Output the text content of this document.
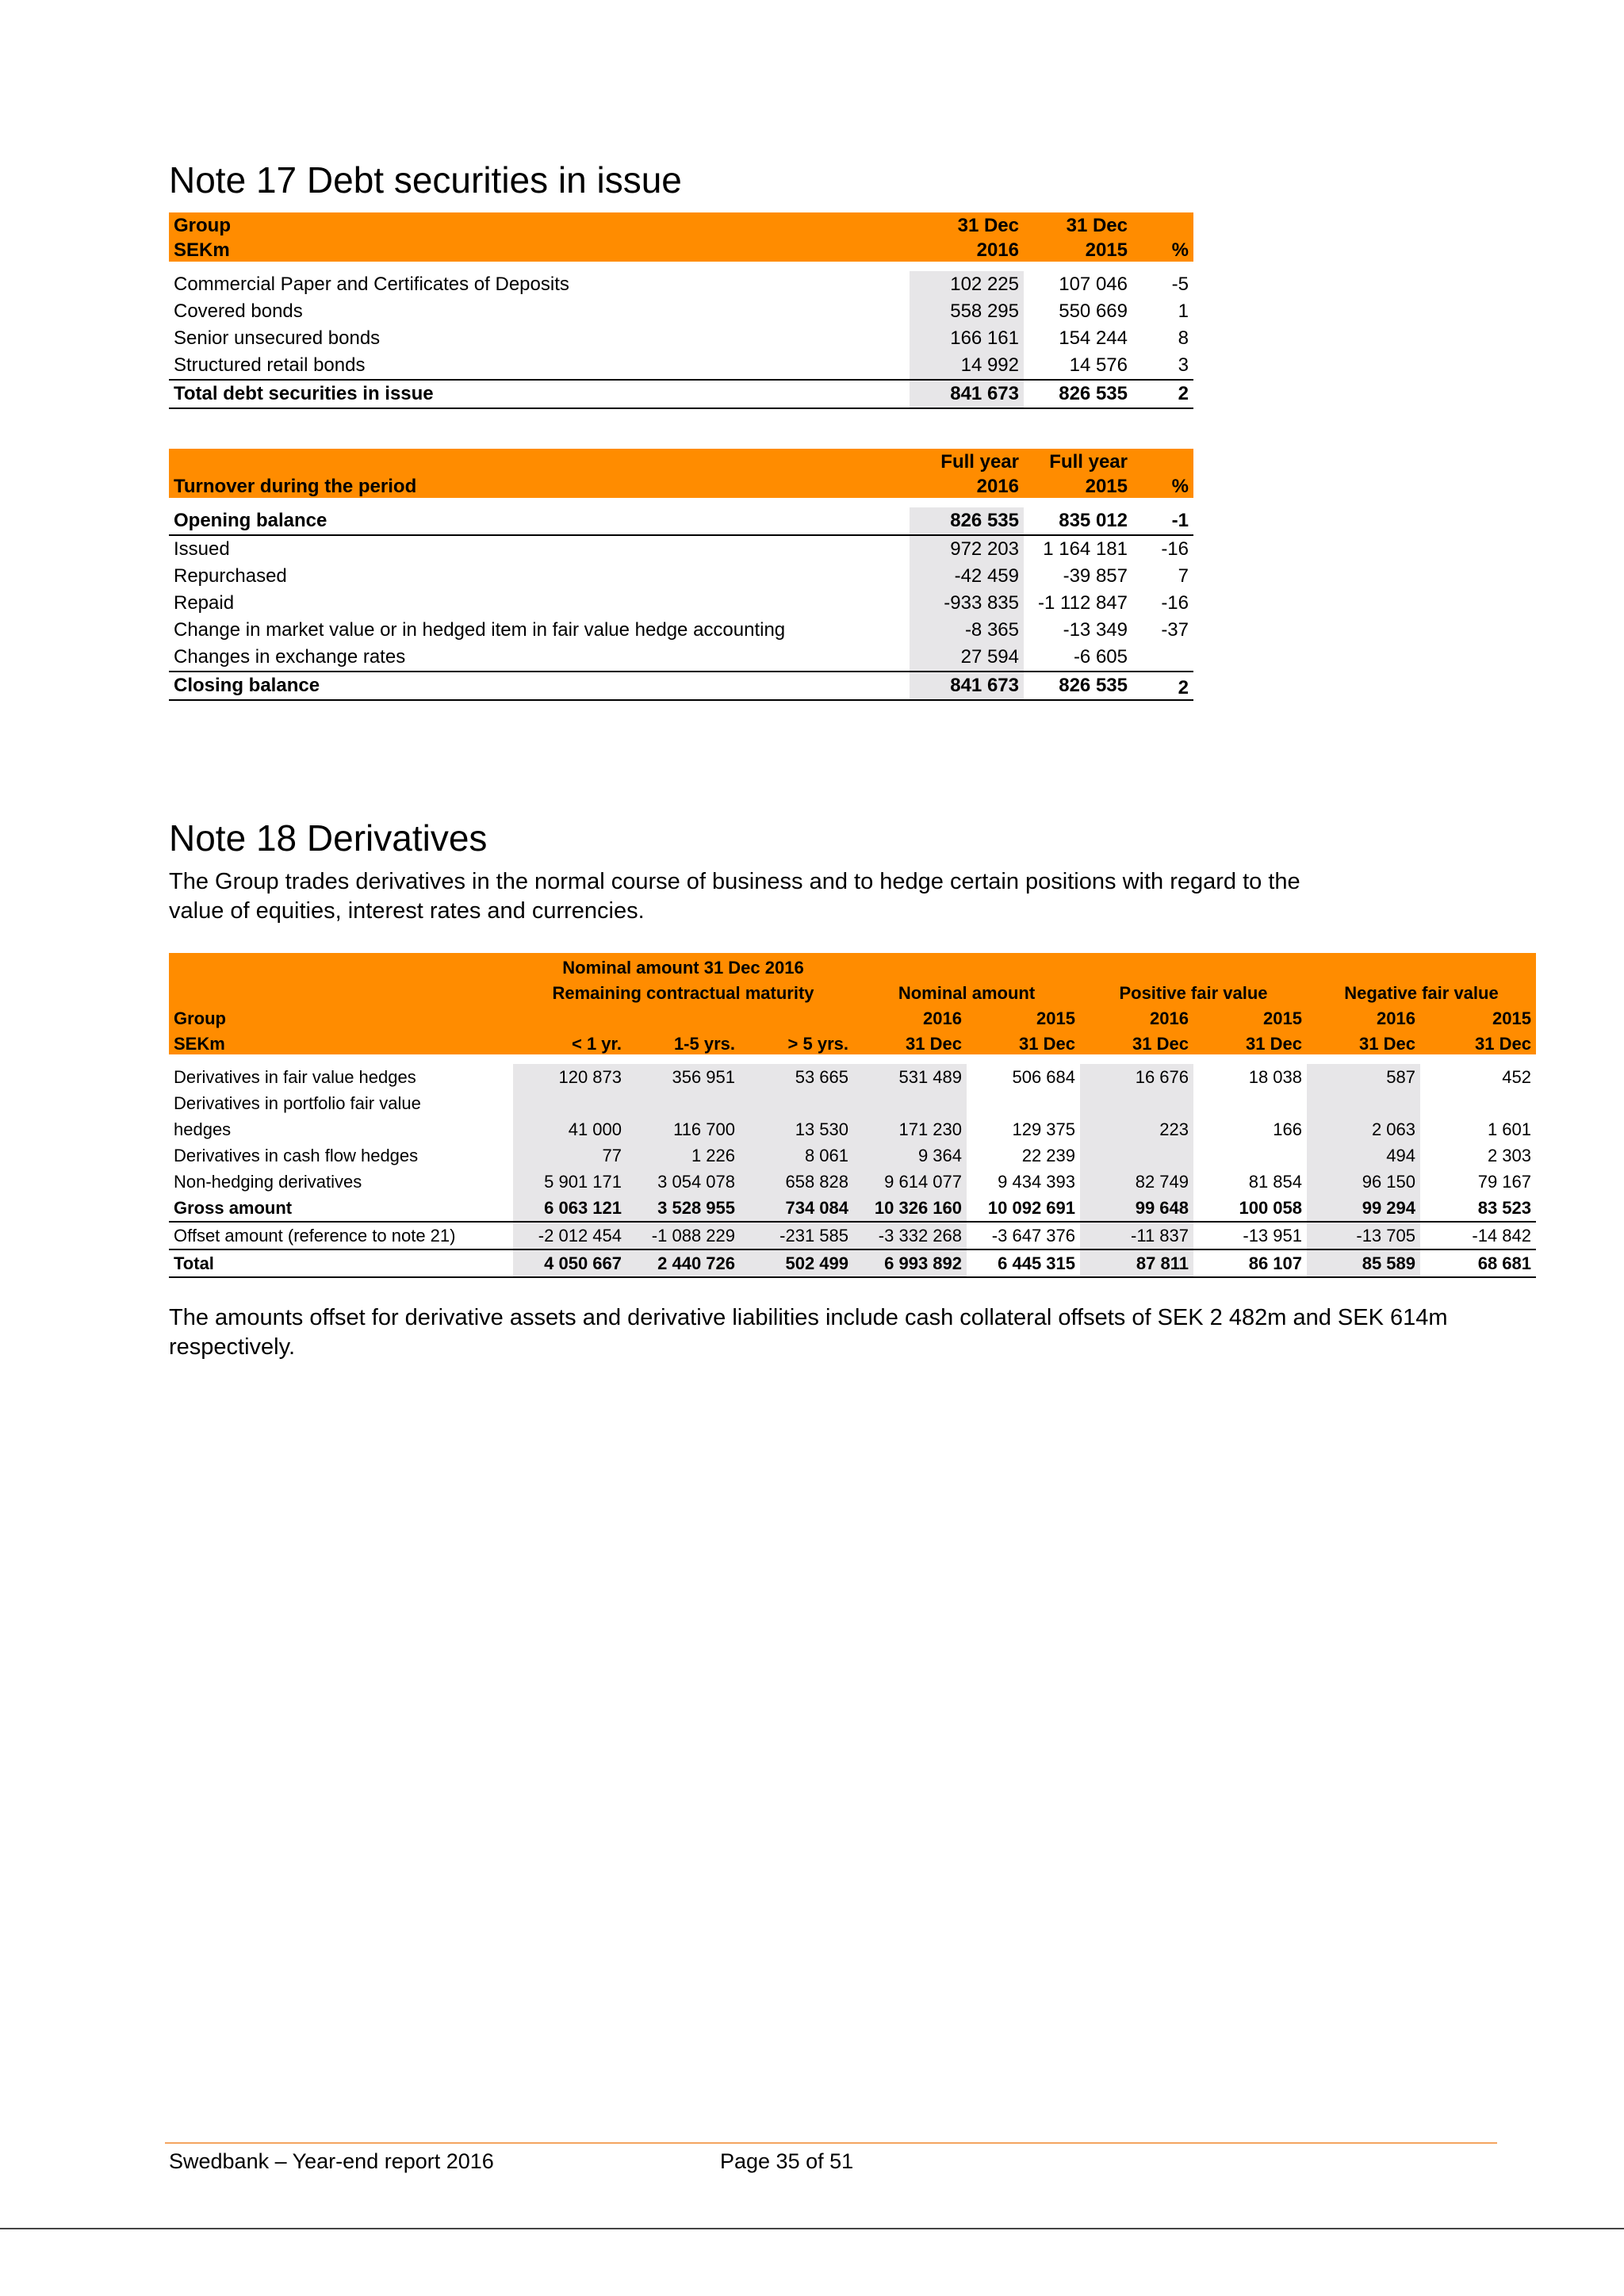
Note 17 Debt securities in issue
Group	31 Dec	31 Dec	
SEKm	2016	2015	%

Commercial Paper and Certificates of Deposits	102 225	107 046	-5
Covered bonds	558 295	550 669	1
Senior unsecured bonds	166 161	154 244	8
Structured retail bonds	14 992	14 576	3
Total debt securities in issue	841 673	826 535	2
	Full year	Full year	
Turnover during the period	2016	2015	%

Opening balance	826 535	835 012	-1
Issued	972 203	1 164 181	-16
Repurchased	-42 459	-39 857	7
Repaid	-933 835	-1 112 847	-16
Change in market value or in hedged item in fair value hedge accounting	-8 365	-13 349	-37
Changes in exchange rates	27 594	-6 605	
Closing balance	841 673	826 535	2
Note 18 Derivatives
The Group trades derivatives in the normal course of business and to hedge certain positions with regard to the value of equities, interest rates and currencies.
	Nominal amount 31 Dec 2016								
	Remaining contractual maturity			Nominal amount		Positive fair value		Negative fair value	
Group				2016	2015	2016	2015	2016	2015
SEKm	< 1 yr.	1-5 yrs.	> 5 yrs.	31 Dec	31 Dec	31 Dec	31 Dec	31 Dec	31 Dec

Derivatives in fair value hedges	120 873	356 951	53 665	531 489	506 684	16 676	18 038	587	452
Derivatives in portfolio fair value									
hedges	41 000	116 700	13 530	171 230	129 375	223	166	2 063	1 601
Derivatives in cash flow hedges	77	1 226	8 061	9 364	22 239			494	2 303
Non-hedging derivatives	5 901 171	3 054 078	658 828	9 614 077	9 434 393	82 749	81 854	96 150	79 167
Gross amount	6 063 121	3 528 955	734 084	10 326 160	10 092 691	99 648	100 058	99 294	83 523
Offset amount (reference to note 21)	-2 012 454	-1 088 229	-231 585	-3 332 268	-3 647 376	-11 837	-13 951	-13 705	-14 842
Total	4 050 667	2 440 726	502 499	6 993 892	6 445 315	87 811	86 107	85 589	68 681
The amounts offset for derivative assets and derivative liabilities include cash collateral offsets of SEK 2 482m and SEK 614m respectively.
Swedbank – Year-end report 2016	Page 35 of 51
